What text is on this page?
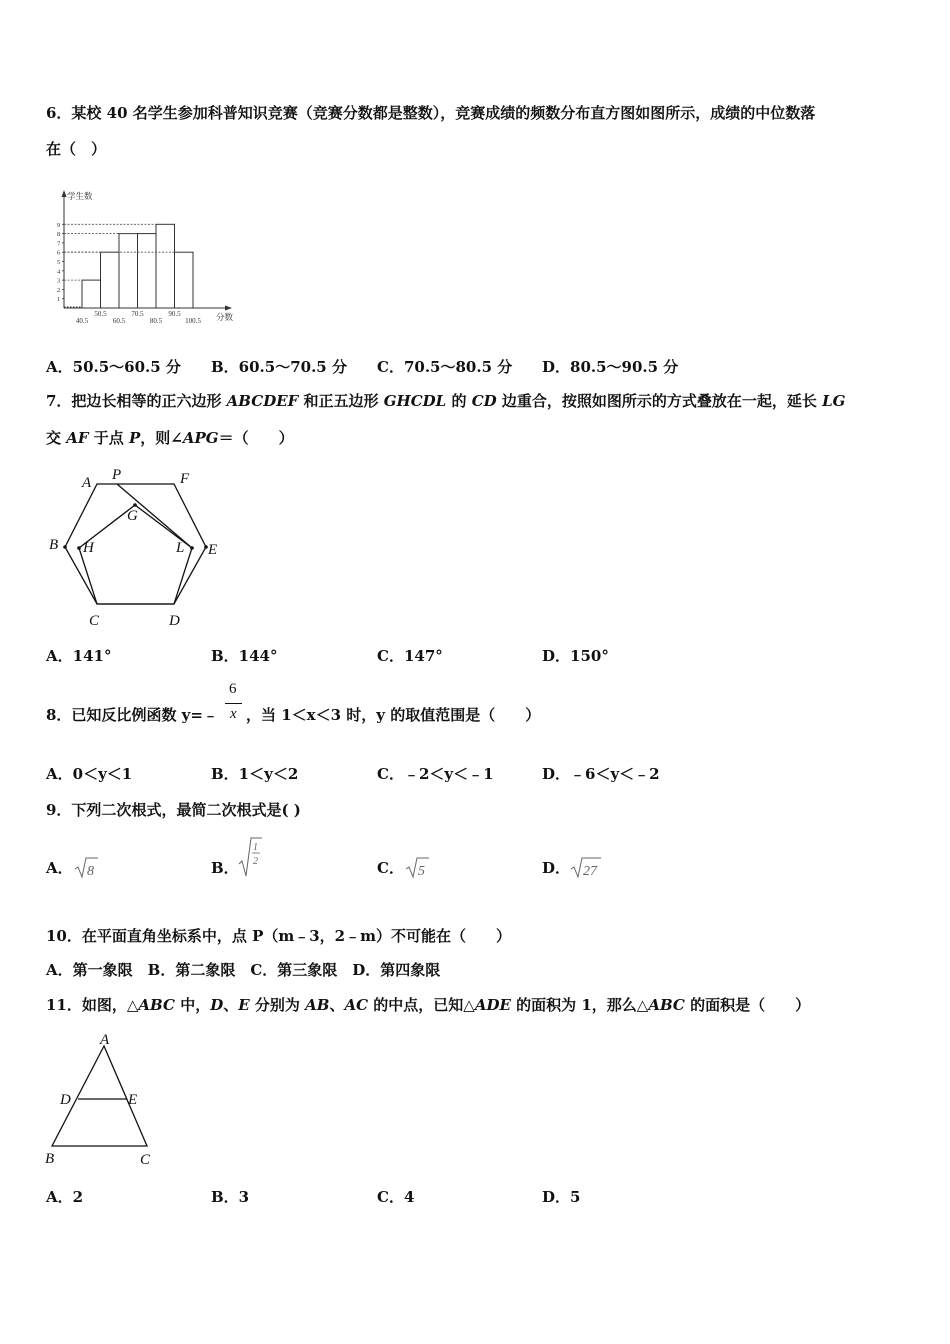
6．某校 40 名学生参加科普知识竞赛（竞赛分数都是整数），竞赛成绩的频数分布直方图如图所示，成绩的中位数落
在（　）
学生数
分数
1
2
3
4
5
6
7
8
9
40.5
50.5
60.5
70.5
80.5
90.5
100.5
A．50.5～60.5 分 B．60.5～70.5 分 C．70.5～80.5 分 D．80.5～90.5 分
7．把边长相等的正六边形 ABCDEF 和正五边形 GHCDL 的 CD 边重合，按照如图所示的方式叠放在一起，延长 LG
交 AF 于点 P，则∠APG＝（　　）
A P	F
G
B H	L E
C	D
A．141°	B．144°	C．147°	D．150°
8．已知反比例函数 y=﹣
6
x ，当 1＜x＜3 时，y 的取值范围是（　　）
A．0＜y＜1	B．1＜y＜2	C．﹣2＜y＜﹣1	D．﹣6＜y＜﹣2
9．下列二次根式，最简二次根式是( )
A． 8	B．
1
2	C． 5	D． 27
10．在平面直角坐标系中，点 P（m﹣3，2﹣m）不可能在（　　）
A．第一象限　B．第二象限　C．第三象限　D．第四象限
11．如图，△ABC 中，D、E 分别为 AB、AC 的中点，已知△ADE 的面积为 1，那么△ABC 的面积是（　　）
A
D	E
B	C
A．2	B．3	C．4	D．5
